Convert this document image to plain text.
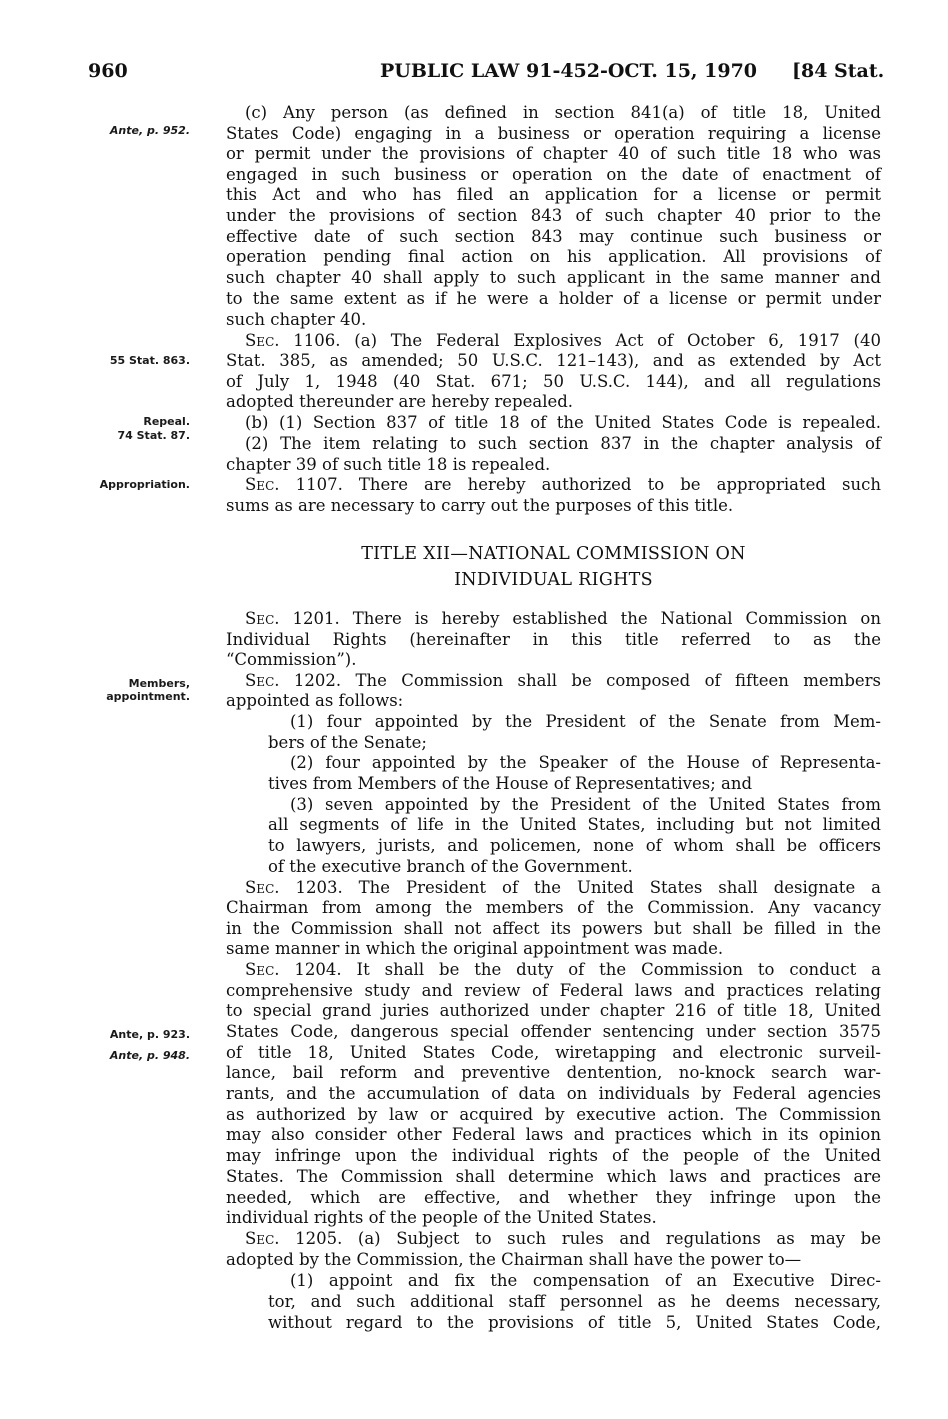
960	PUBLIC LAW 91-452-OCT. 15, 1970 [84 Stat.
Ante, p. 952.
55 Stat. 863.
Repeal.
74 Stat. 87.
Appropriation.
Members,
appointment.
Ante, p. 923.
Ante, p. 948.
TITLE XII—NATIONAL COMMISSION ON
INDIVIDUAL RIGHTS
(c) Any person (as defined in section 841(a) of title 18, United
States Code) engaging in a business or operation requiring a license
or permit under the provisions of chapter 40 of such title 18 who was
engaged in such business or operation on the date of enactment of
this Act and who has filed an application for a license or permit
under the provisions of section 843 of such chapter 40 prior to the
effective date of such section 843 may continue such business or
operation pending final action on his application. All provisions of
such chapter 40 shall apply to such applicant in the same manner and
to the same extent as if he were a holder of a license or permit under
such chapter 40.
Sec. 1106. (a) The Federal Explosives Act of October 6, 1917 (40
Stat. 385, as amended; 50 U.S.C. 121–143), and as extended by Act
of July 1, 1948 (40 Stat. 671; 50 U.S.C. 144), and all regulations
adopted thereunder are hereby repealed.
(b) (1) Section 837 of title 18 of the United States Code is repealed.
(2) The item relating to such section 837 in the chapter analysis of
chapter 39 of such title 18 is repealed.
Sec. 1107. There are hereby authorized to be appropriated such
sums as are necessary to carry out the purposes of this title.
Sec. 1201. There is hereby established the National Commission on
Individual Rights (hereinafter in this title referred to as the
“Commission”).
Sec. 1202. The Commission shall be composed of fifteen members
appointed as follows:
(1) four appointed by the President of the Senate from Mem-
bers of the Senate;
(2) four appointed by the Speaker of the House of Representa-
tives from Members of the House of Representatives; and
(3) seven appointed by the President of the United States from
all segments of life in the United States, including but not limited
to lawyers, jurists, and policemen, none of whom shall be officers
of the executive branch of the Government.
Sec. 1203. The President of the United States shall designate a
Chairman from among the members of the Commission. Any vacancy
in the Commission shall not affect its powers but shall be filled in the
same manner in which the original appointment was made.
Sec. 1204. It shall be the duty of the Commission to conduct a
comprehensive study and review of Federal laws and practices relating
to special grand juries authorized under chapter 216 of title 18, United
States Code, dangerous special offender sentencing under section 3575
of title 18, United States Code, wiretapping and electronic surveil-
lance, bail reform and preventive dentention, no-knock search war-
rants, and the accumulation of data on individuals by Federal agencies
as authorized by law or acquired by executive action. The Commission
may also consider other Federal laws and practices which in its opinion
may infringe upon the individual rights of the people of the United
States. The Commission shall determine which laws and practices are
needed, which are effective, and whether they infringe upon the
individual rights of the people of the United States.
Sec. 1205. (a) Subject to such rules and regulations as may be
adopted by the Commission, the Chairman shall have the power to—
(1) appoint and fix the compensation of an Executive Direc-
tor, and such additional staff personnel as he deems necessary,
without regard to the provisions of title 5, United States Code,
